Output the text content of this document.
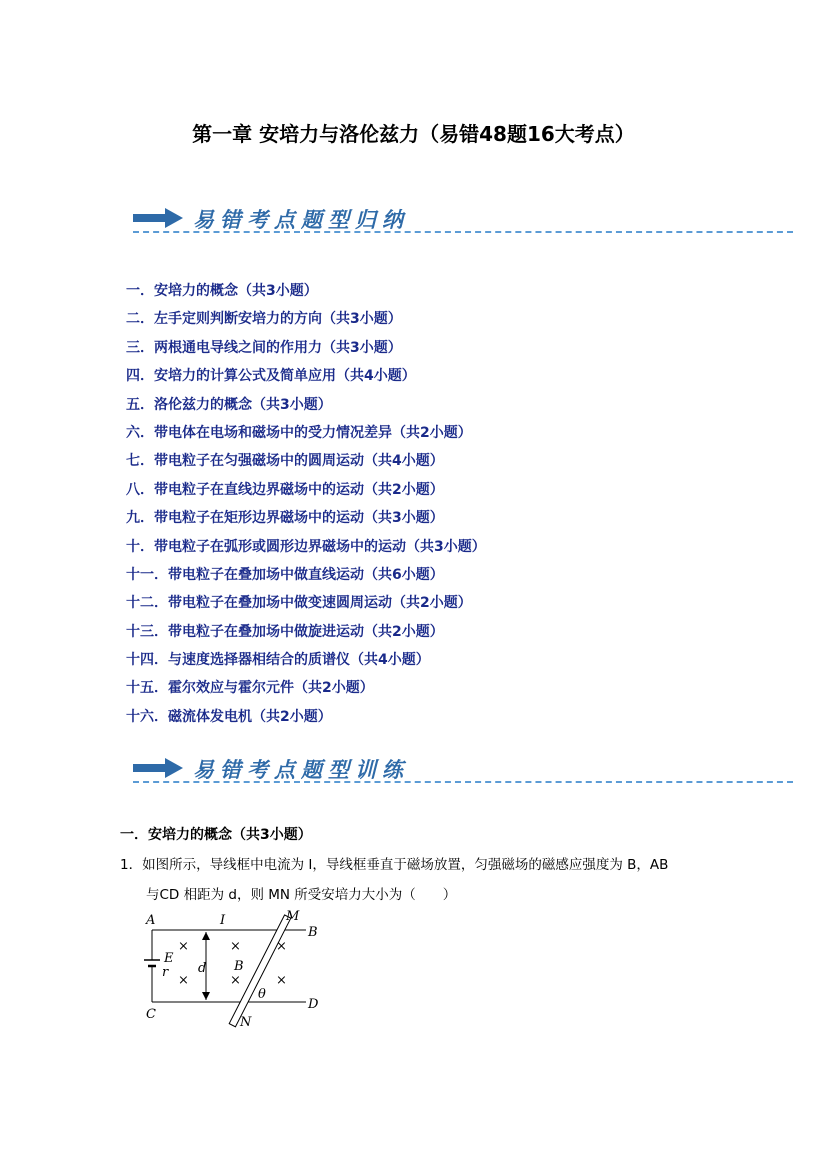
第一章 安培力与洛伦兹力（易错48题16大考点）
易错考点题型归纳
一．安培力的概念（共3小题）
二．左手定则判断安培力的方向（共3小题）
三．两根通电导线之间的作用力（共3小题）
四．安培力的计算公式及简单应用（共4小题）
五．洛伦兹力的概念（共3小题）
六．带电体在电场和磁场中的受力情况差异（共2小题）
七．带电粒子在匀强磁场中的圆周运动（共4小题）
八．带电粒子在直线边界磁场中的运动（共2小题）
九．带电粒子在矩形边界磁场中的运动（共3小题）
十．带电粒子在弧形或圆形边界磁场中的运动（共3小题）
十一．带电粒子在叠加场中做直线运动（共6小题）
十二．带电粒子在叠加场中做变速圆周运动（共2小题）
十三．带电粒子在叠加场中做旋进运动（共2小题）
十四．与速度选择器相结合的质谱仪（共4小题）
十五．霍尔效应与霍尔元件（共2小题）
十六．磁流体发电机（共2小题）
易错考点题型训练
一．安培力的概念（共3小题）
1．如图所示，导线框中电流为 I，导线框垂直于磁场放置，匀强磁场的磁感应强度为 B，AB
与CD 相距为 d，则 MN 所受安培力大小为（　　）
×	×	×
×	×	×
A	I	M
B
E
r d B
θ
C
N
D
